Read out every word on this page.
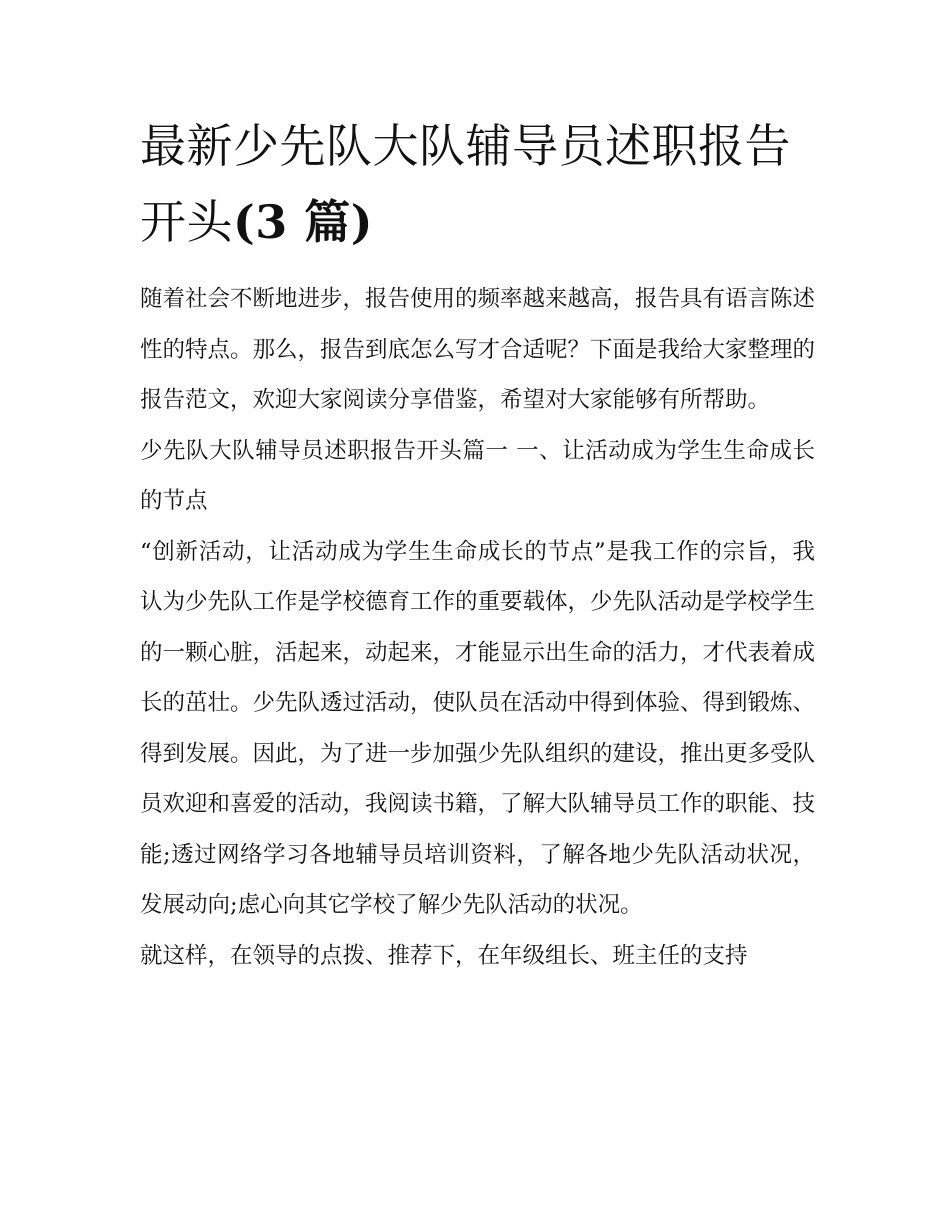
最新少先队大队辅导员述职报告开头(3 篇)

随着社会不断地进步，报告使用的频率越来越高，报告具有语言陈述性的特点。那么，报告到底怎么写才合适呢？下面是我给大家整理的报告范文，欢迎大家阅读分享借鉴，希望对大家能够有所帮助。

少先队大队辅导员述职报告开头篇一 一、让活动成为学生生命成长的节点

“创新活动，让活动成为学生生命成长的节点”是我工作的宗旨，我认为少先队工作是学校德育工作的重要载体，少先队活动是学校学生的一颗心脏，活起来，动起来，才能显示出生命的活力，才代表着成长的茁壮。少先队透过活动，使队员在活动中得到体验、得到锻炼、得到发展。因此，为了进一步加强少先队组织的建设，推出更多受队员欢迎和喜爱的活动，我阅读书籍，了解大队辅导员工作的职能、技能;透过网络学习各地辅导员培训资料，了解各地少先队活动状况，发展动向;虑心向其它学校了解少先队活动的状况。

就这样，在领导的点拨、推荐下，在年级组长、班主任的支持
